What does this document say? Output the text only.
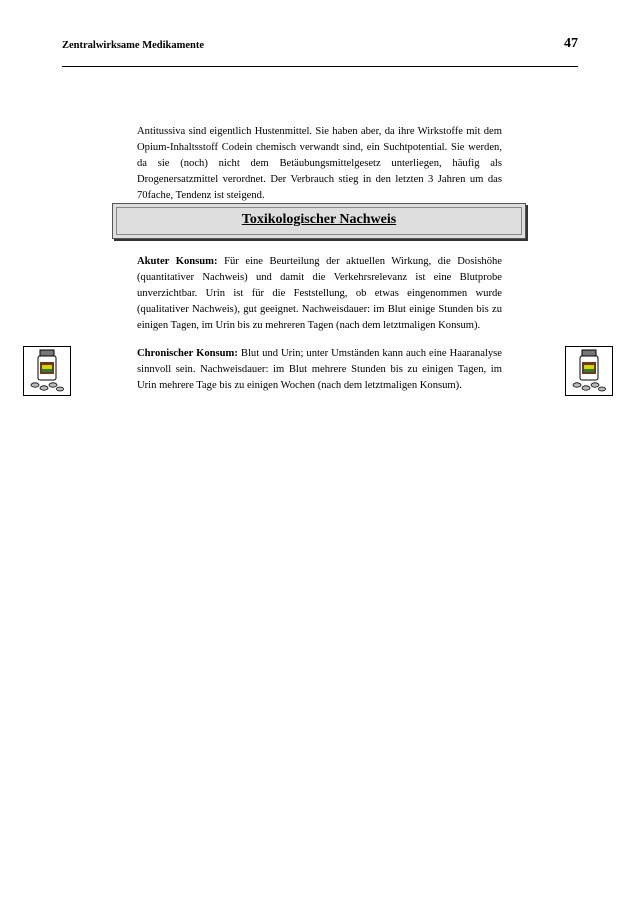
Zentralwirksame Medikamente	47

Antitussiva sind eigentlich Hustenmittel. Sie haben aber, da ihre Wirkstoffe mit dem Opium-Inhaltsstoff Codein chemisch verwandt sind, ein Suchtpotential. Sie werden, da sie (noch) nicht dem Betäubungsmittelgesetz unterliegen, häufig als Drogenersatzmittel verordnet. Der Verbrauch stieg in den letzten 3 Jahren um das 70fache, Tendenz ist steigend.

Toxikologischer Nachweis

Akuter Konsum: Für eine Beurteilung der aktuellen Wirkung, die Dosishöhe (quantitativer Nachweis) und damit die Verkehrsrelevanz ist eine Blutprobe unverzichtbar. Urin ist für die Feststellung, ob etwas eingenommen wurde (qualitativer Nachweis), gut geeignet. Nachweisdauer: im Blut einige Stunden bis zu einigen Tagen, im Urin bis zu mehreren Tagen (nach dem letztmaligen Konsum).

Chronischer Konsum: Blut und Urin; unter Umständen kann auch eine Haaranalyse sinnvoll sein. Nachweisdauer: im Blut mehrere Stunden bis zu einigen Tagen, im Urin mehrere Tage bis zu einigen Wochen (nach dem letztmaligen Konsum).
